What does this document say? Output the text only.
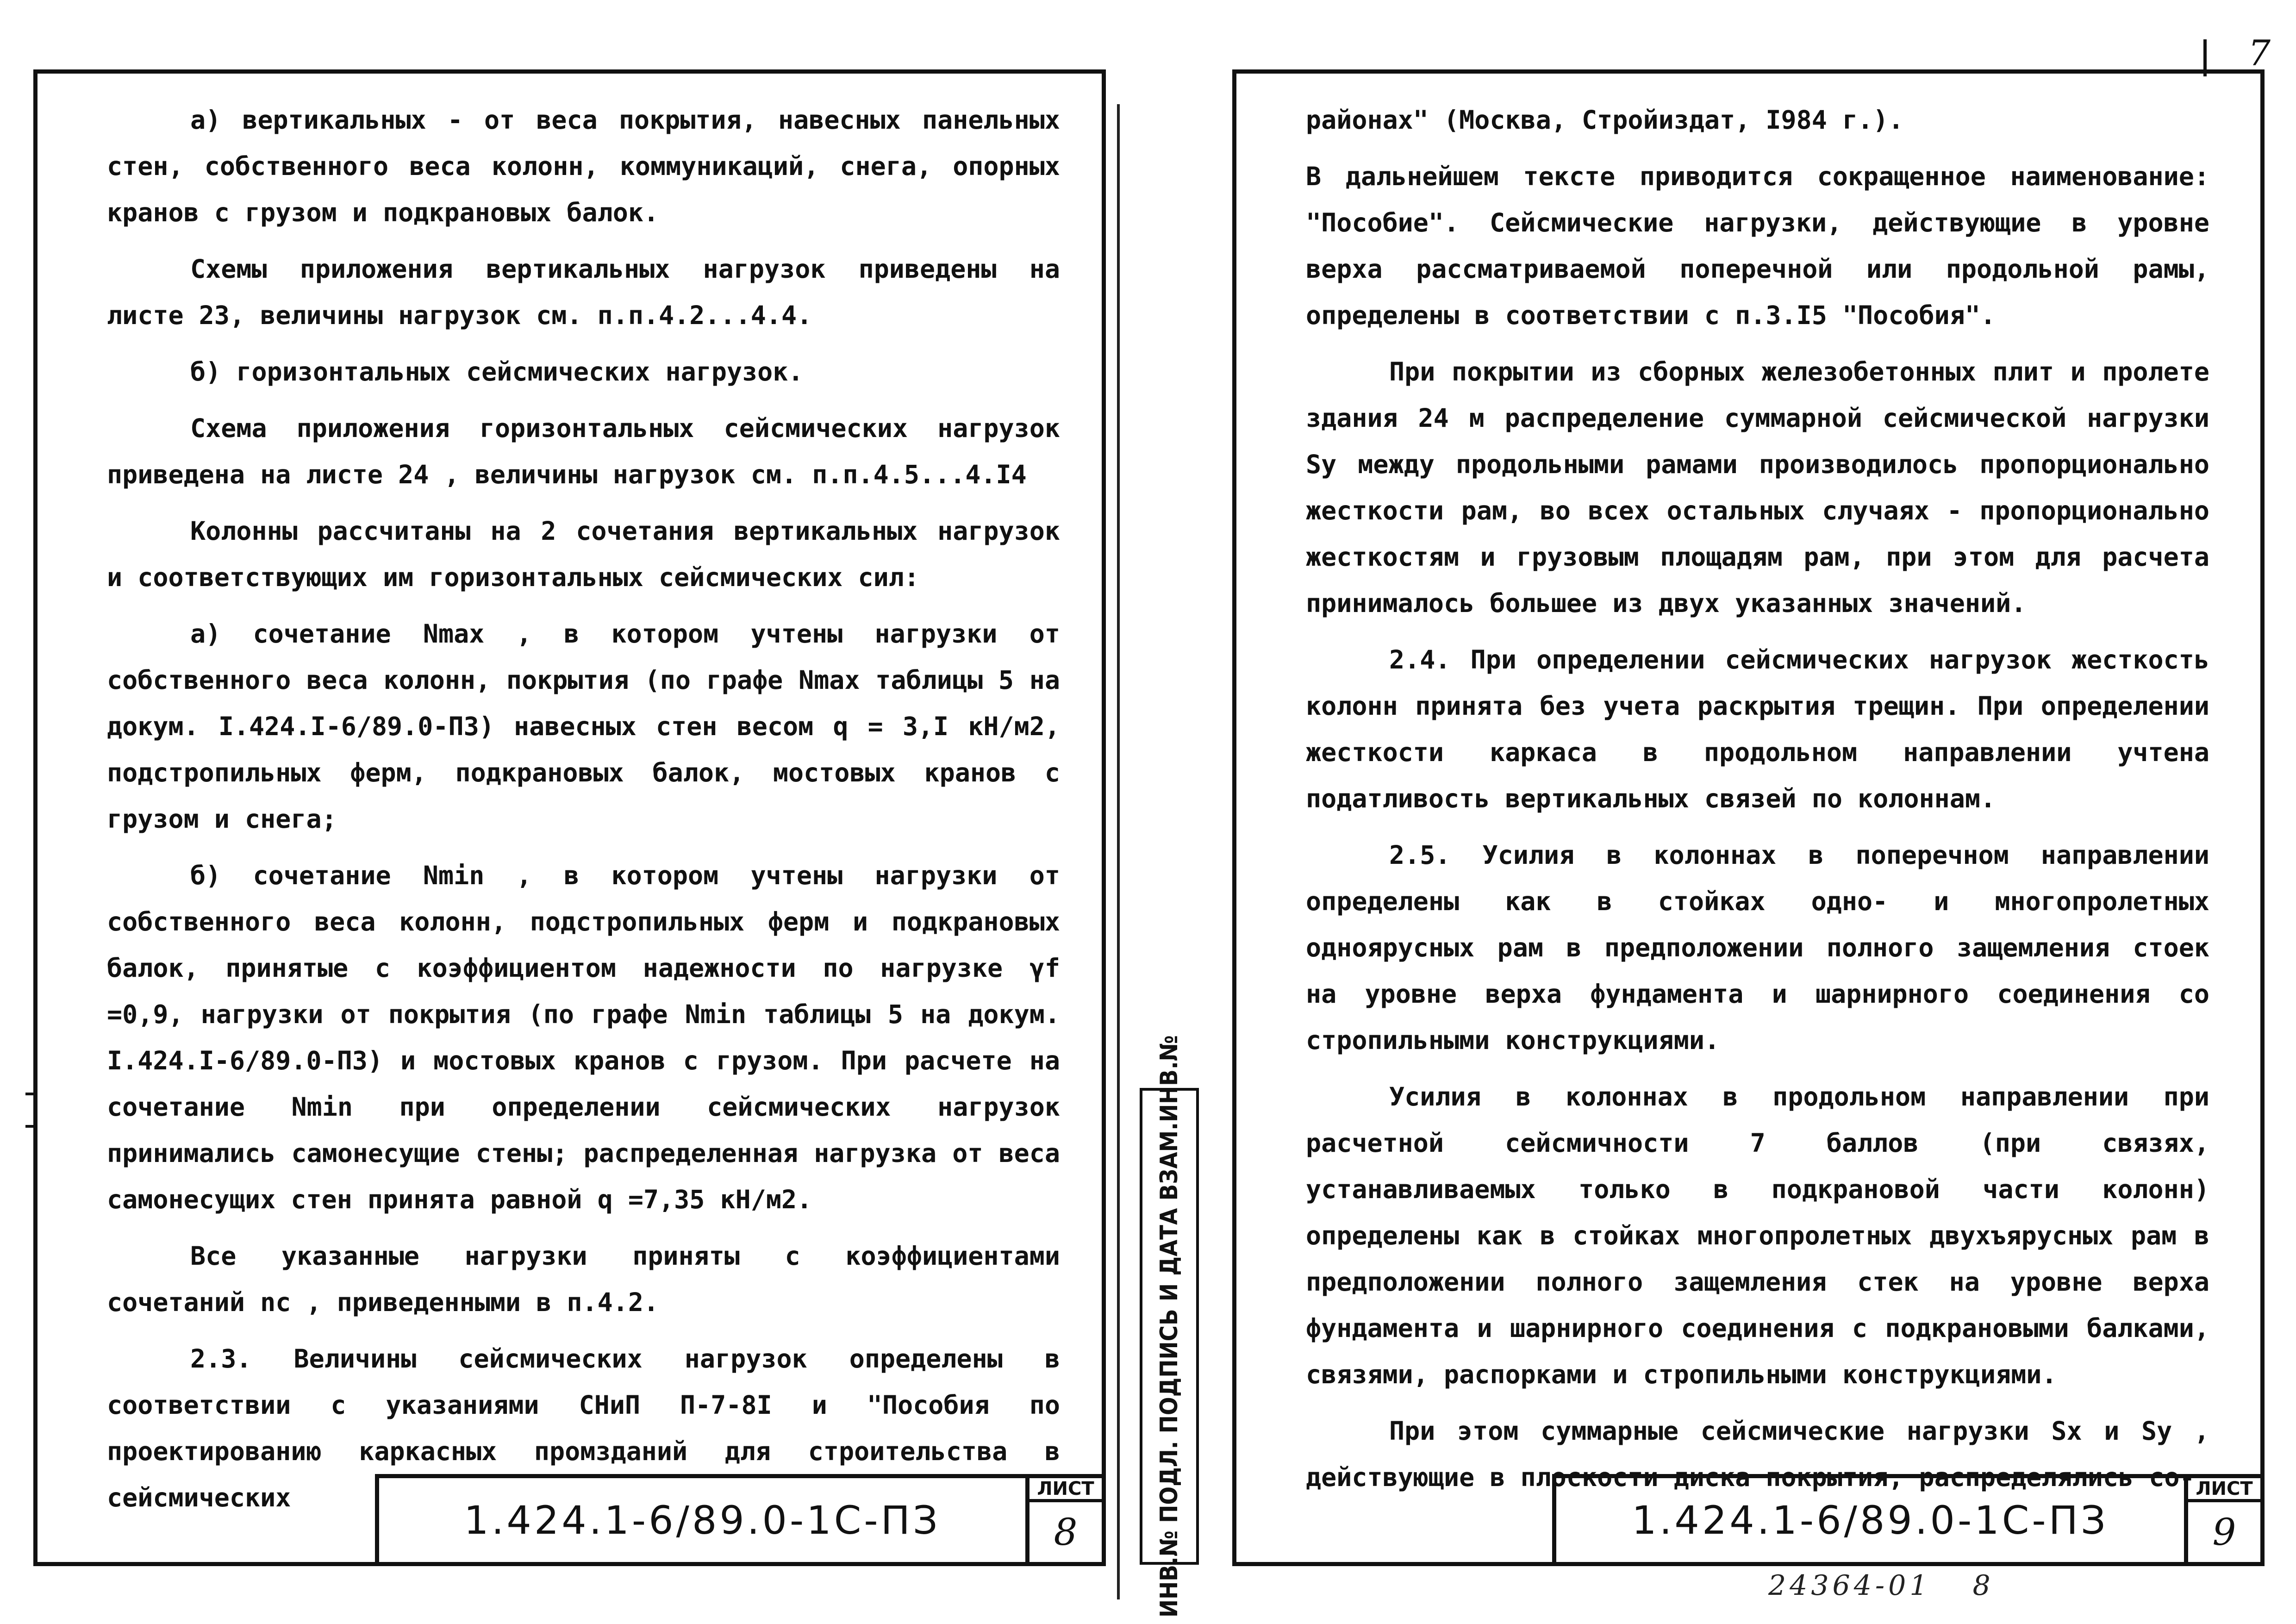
7

а) вертикальных - от веса покрытия, навесных панельных стен, собственного веса колонн, коммуникаций, снега, опорных кранов с грузом и подкрановых балок.

Схемы приложения вертикальных нагрузок приведены на листе 23, величины нагрузок см. п.п.4.2...4.4.

б) горизонтальных сейсмических нагрузок.

Схема приложения горизонтальных сейсмических нагрузок приведена на листе 24 , величины нагрузок см. п.п.4.5...4.I4

Колонны рассчитаны на 2 сочетания вертикальных нагрузок и соответствующих им горизонтальных сейсмических сил:

а) сочетание Nmax , в котором учтены нагрузки от собственного веса колонн, покрытия (по графе Nmax таблицы 5 на докум. I.424.I-6/89.0-ПЗ) навесных стен весом q = 3,I кН/м2, подстропильных ферм, подкрановых балок, мостовых кранов с грузом и снега;

б) сочетание Nmin , в котором учтены нагрузки от собственного веса колонн, подстропильных ферм и подкрановых балок, принятые с коэффициентом надежности по нагрузке γf =0,9, нагрузки от покрытия (по графе Nmin таблицы 5 на докум. I.424.I-6/89.0-ПЗ) и мостовых кранов с грузом. При расчете на сочетание Nmin при определении сейсмических нагрузок принимались самонесущие стены; распределенная нагрузка от веса самонесущих стен принята равной q =7,35 кН/м2.

Все указанные нагрузки приняты с коэффициентами сочетаний nc , приведенными в п.4.2.

2.3. Величины сейсмических нагрузок определены в соответствии с указаниями СНиП П-7-8I и "Пособия по проектированию каркасных промзданий для строительства в сейсмических	1.424.1-6/89.0-1С-ПЗ
ЛИСТ
8	ИНВ.№ ПОДЛ. ПОДПИСЬ И ДАТА ВЗАМ.ИНВ.№

районах" (Москва, Стройиздат, I984 г.).

В дальнейшем тексте приводится сокращенное наименование: "Пособие". Сейсмические нагрузки, действующие в уровне верха рассматриваемой поперечной или продольной рамы, определены в соответствии с п.3.I5 "Пособия".

При покрытии из сборных железобетонных плит и пролете здания 24 м распределение суммарной сейсмической нагрузки Sy между продольными рамами производилось пропорционально жесткости рам, во всех остальных случаях - пропорционально жесткостям и грузовым площадям рам, при этом для расчета принималось большее из двух указанных значений.

2.4. При определении сейсмических нагрузок жесткость колонн принята без учета раскрытия трещин. При определении жесткости каркаса в продольном направлении учтена податливость вертикальных связей по колоннам.

2.5. Усилия в колоннах в поперечном направлении определены как в стойках одно- и многопролетных одноярусных рам в предположении полного защемления стоек на уровне верха фундамента и шарнирного соединения со стропильными конструкциями.

Усилия в колоннах в продольном направлении при расчетной сейсмичности 7 баллов (при связях, устанавливаемых только в подкрановой части колонн) определены как в стойках многопролетных двухъярусных рам в предположении полного защемления стек на уровне верха фундамента и шарнирного соединения с подкрановыми балками, связями, распорками и стропильными конструкциями.

При этом суммарные сейсмические нагрузки Sx и Sy , действующие в плоскости диска покрытия, распределялись со-

1.424.1-6/89.0-1С-ПЗ
ЛИСТ
9
24364-01 8
